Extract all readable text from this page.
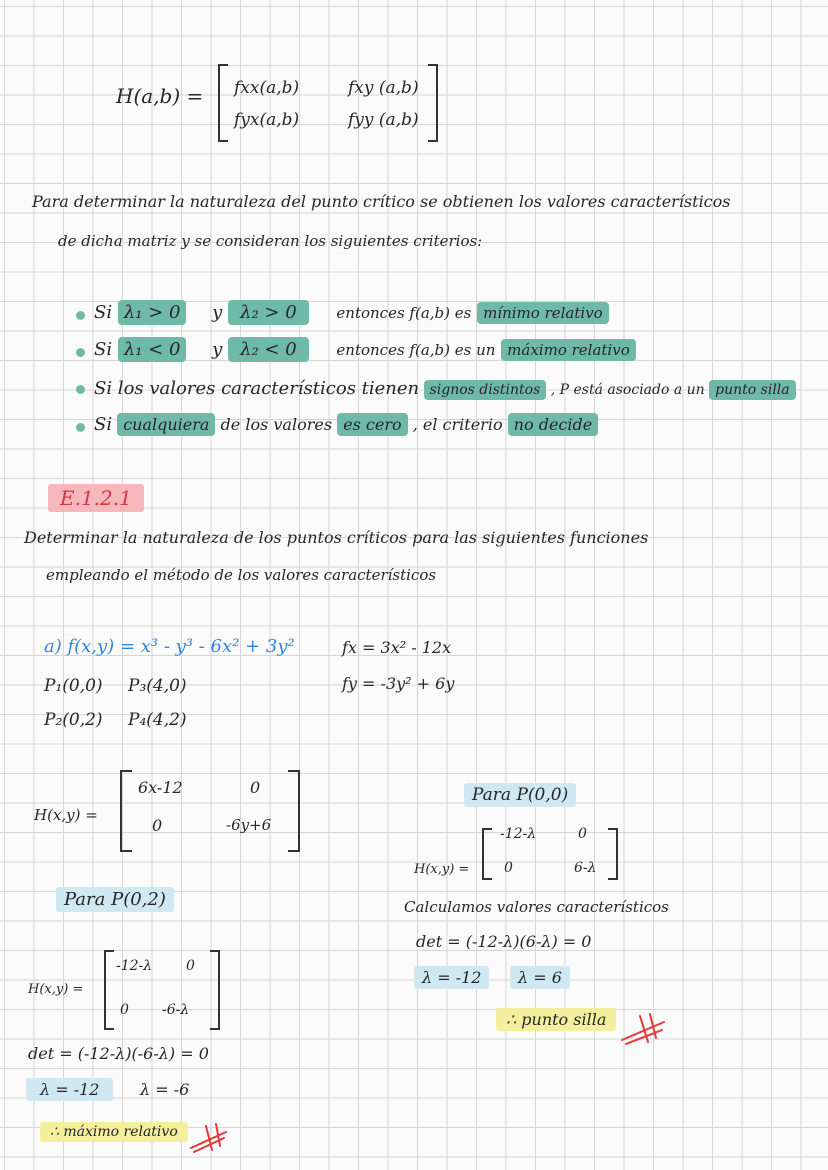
H(a,b) = fxx(a,b)	fxy (a,b)
fyx(a,b)	fyy (a,b)
Para determinar la naturaleza del punto crítico se obtienen los valores característicos
de dicha matriz y se consideran los siguientes criterios:
Si λ₁ > 0 y λ₂ > 0	entonces f(a,b) es mínimo relativo
Si λ₁ < 0 y λ₂ < 0	entonces f(a,b) es un máximo relativo
Si los valores característicos tienen signos distintos , P está asociado a un punto silla
Si cualquiera de los valores es cero , el criterio no decide
E.1.2.1
Determinar la naturaleza de los puntos críticos para las siguientes funciones
empleando el método de los valores característicos
a) f(x,y) = x³ - y³ - 6x² + 3y²	fx = 3x² - 12x
fy = -3y² + 6y
P₁(0,0) P₃(4,0)
P₂(0,2) P₄(4,2)
H(x,y) =
6x-12	0
0	-6y+6
Para P(0,0)
H(x,y) =
-12-λ	0
0	6-λ
Calculamos valores característicos
det = (-12-λ)(6-λ) = 0
λ = -12	λ = 6
∴ punto silla
Para P(0,2)
H(x,y) =
-12-λ 0
0 -6-λ
det = (-12-λ)(-6-λ) = 0
λ = -12	λ = -6
∴ máximo relativo
